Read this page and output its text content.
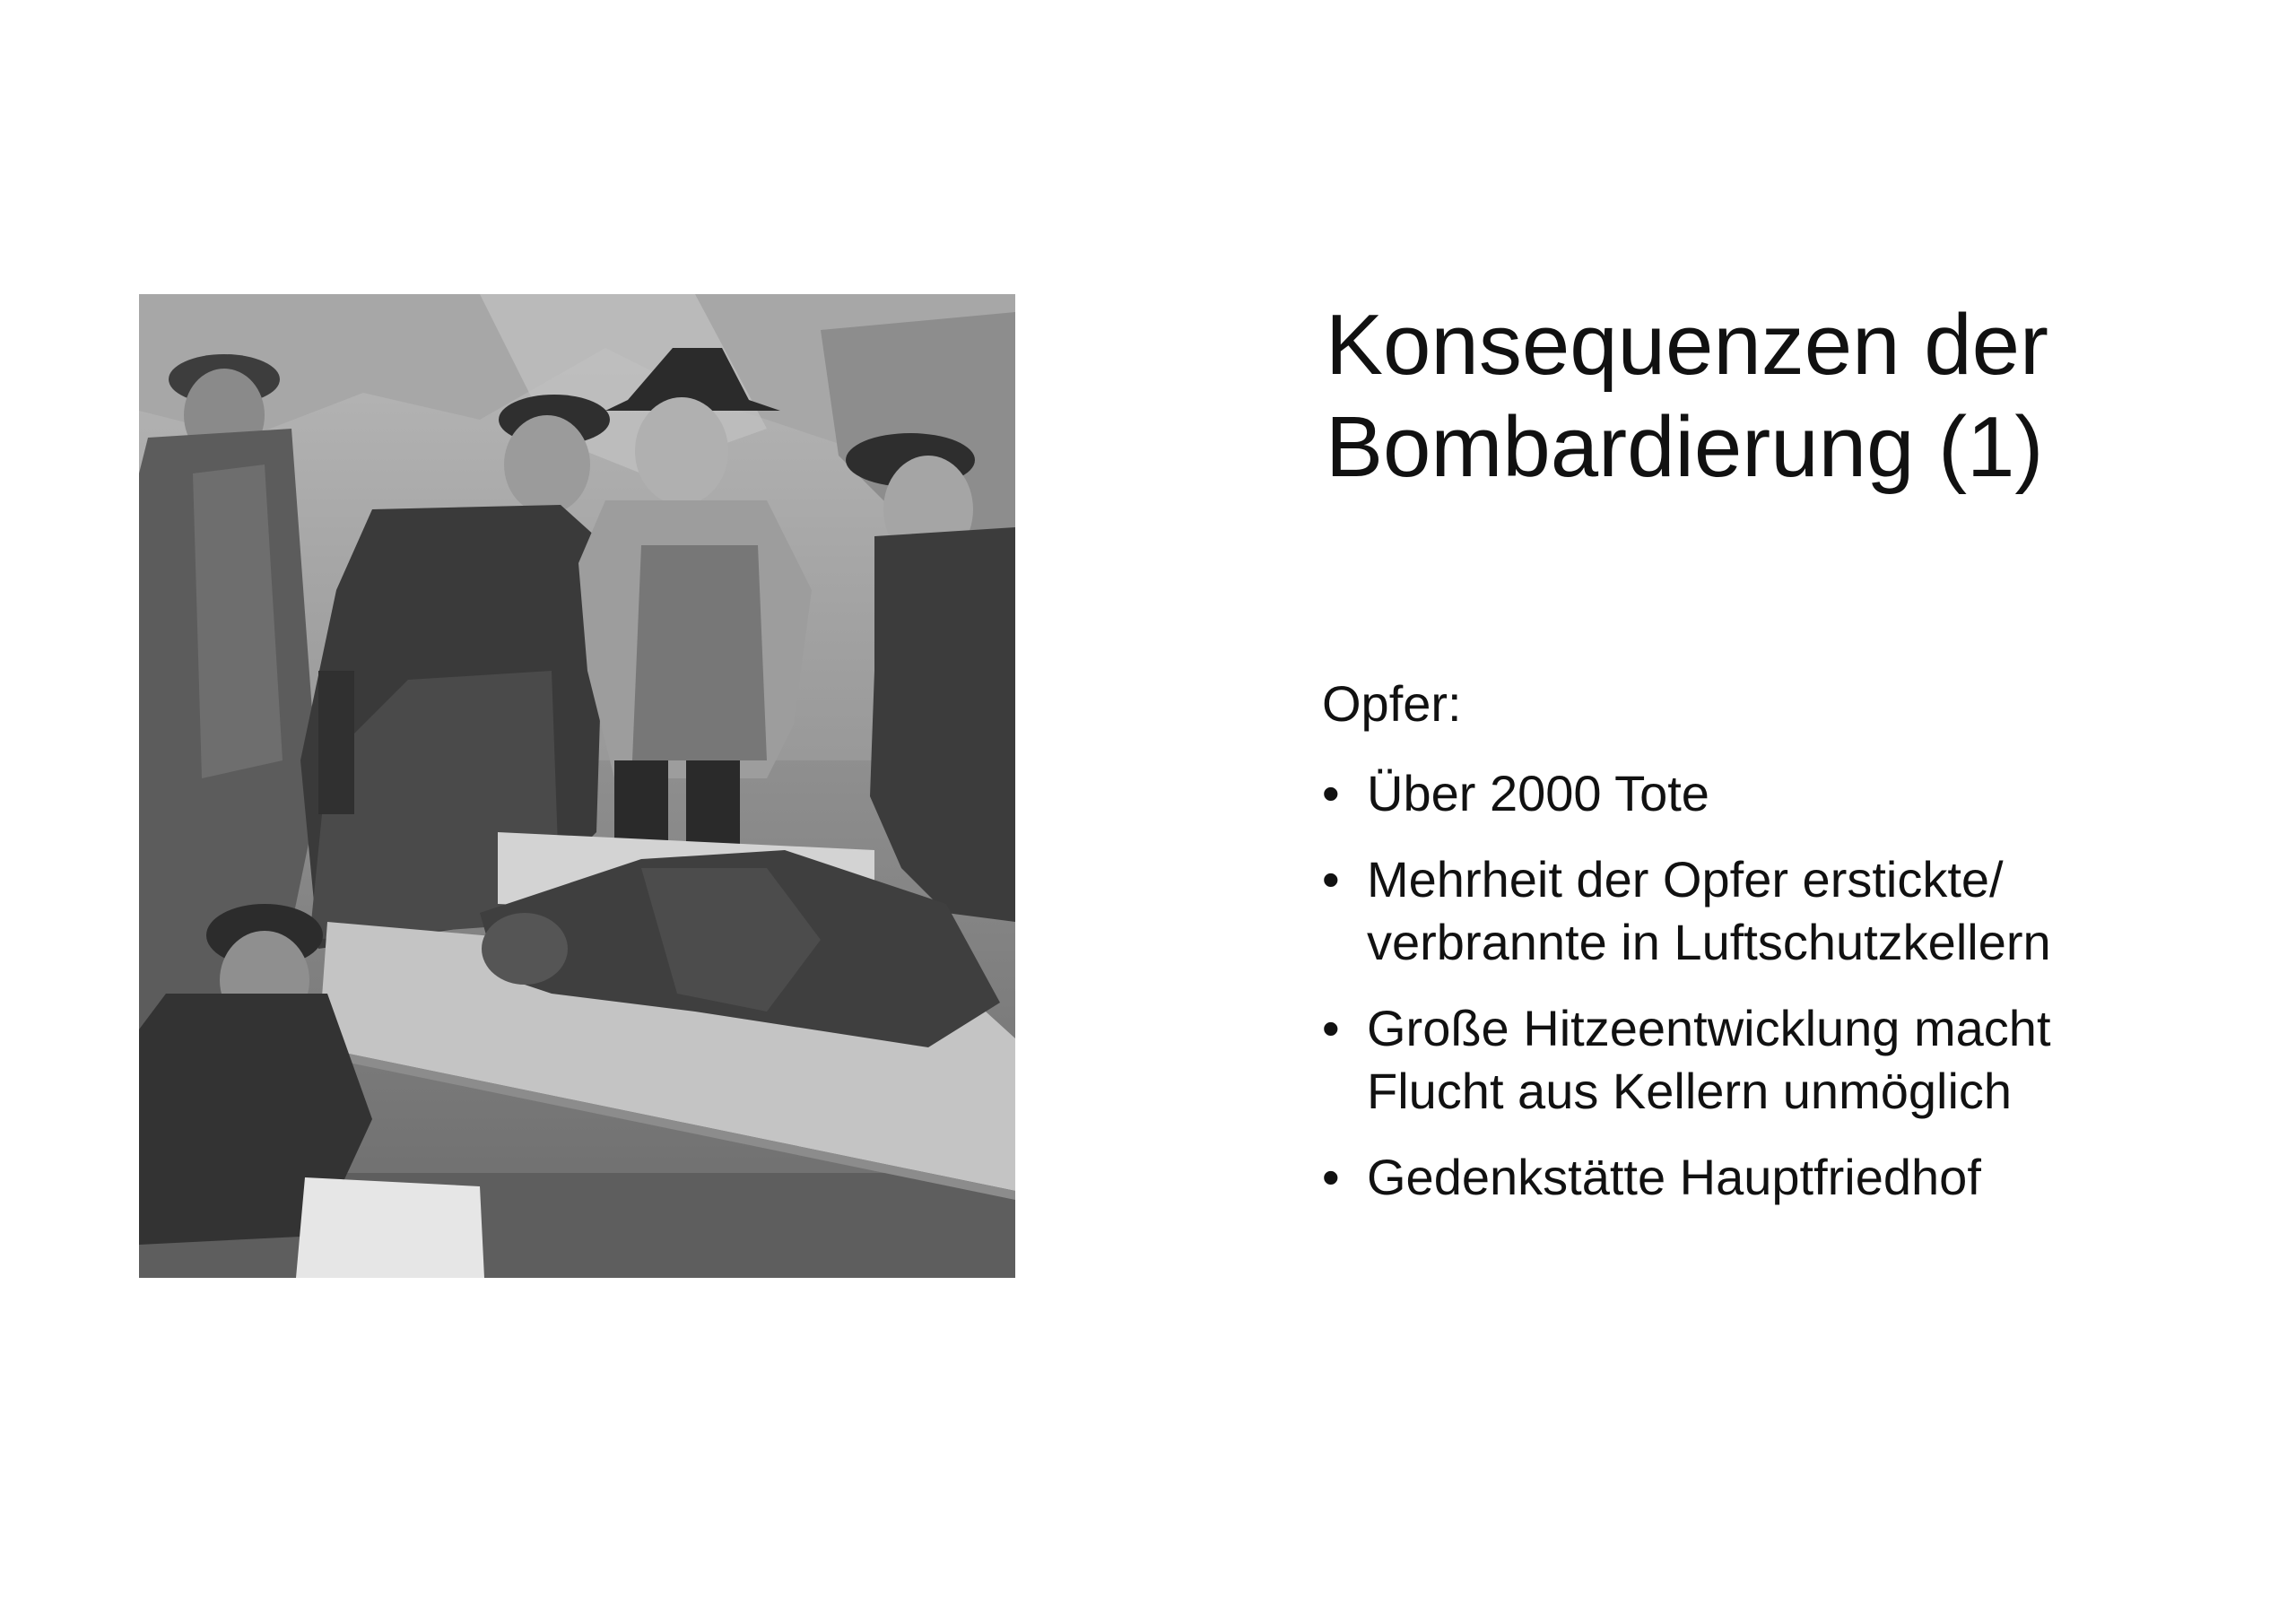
Konsequenzen der
Bombardierung (1)

Opfer:

• Über 2000 Tote
• Mehrheit der Opfer erstickte/
verbrannte in Luftschutzkellern
• Große Hitzeentwicklung macht
Flucht aus Kellern unmöglich
• Gedenkstätte Hauptfriedhof
